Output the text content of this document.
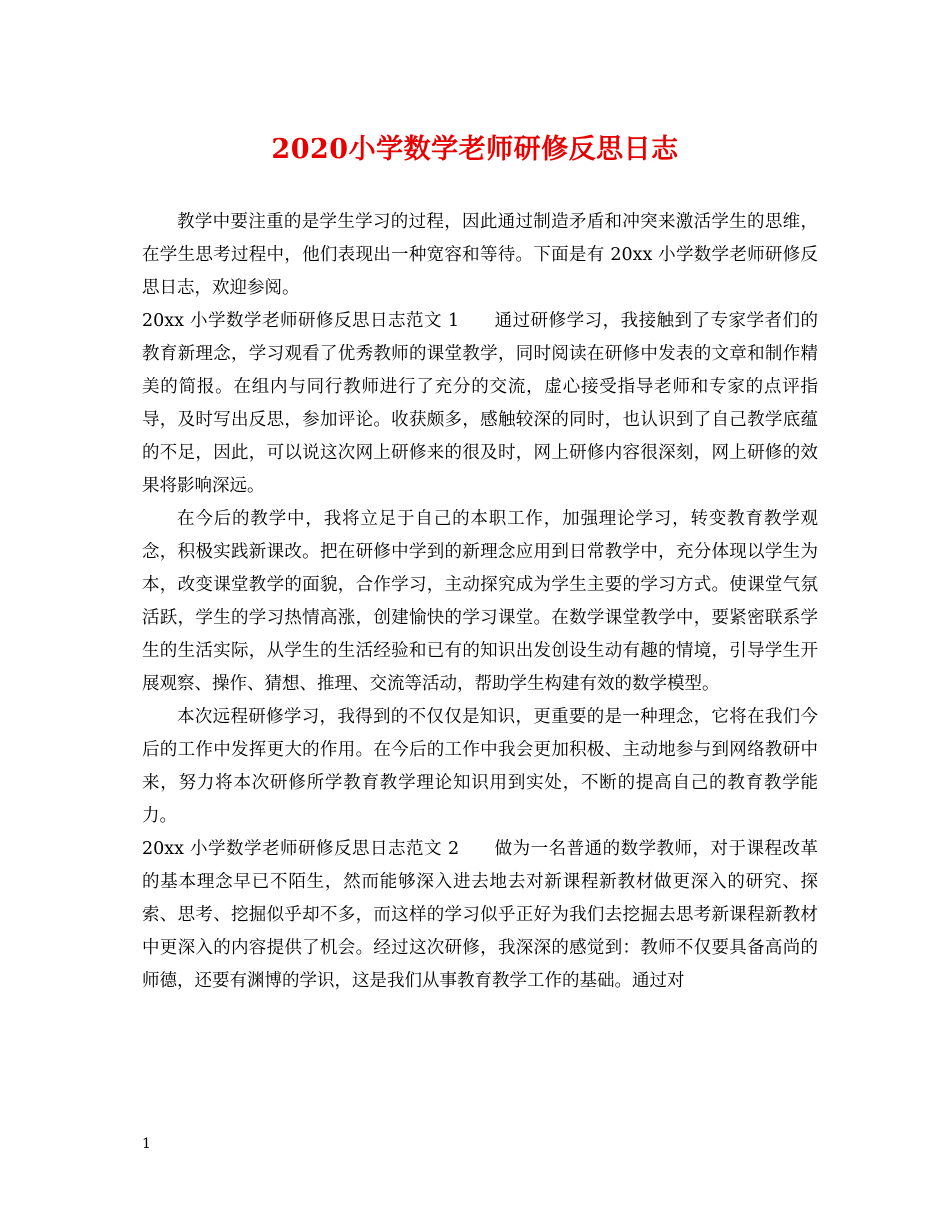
2020小学数学老师研修反思日志

教学中要注重的是学生学习的过程，因此通过制造矛盾和冲突来激活学生的思维，在学生思考过程中，他们表现出一种宽容和等待。下面是有 20xx 小学数学老师研修反思日志，欢迎参阅。

20xx 小学数学老师研修反思日志范文 1 通过研修学习，我接触到了专家学者们的教育新理念，学习观看了优秀教师的课堂教学，同时阅读在研修中发表的文章和制作精美的简报。在组内与同行教师进行了充分的交流，虚心接受指导老师和专家的点评指导，及时写出反思，参加评论。收获颇多，感触较深的同时，也认识到了自己教学底蕴的不足，因此，可以说这次网上研修来的很及时，网上研修内容很深刻，网上研修的效果将影响深远。

在今后的教学中，我将立足于自己的本职工作，加强理论学习，转变教育教学观念，积极实践新课改。把在研修中学到的新理念应用到日常教学中，充分体现以学生为本，改变课堂教学的面貌，合作学习，主动探究成为学生主要的学习方式。使课堂气氛活跃，学生的学习热情高涨，创建愉快的学习课堂。在数学课堂教学中，要紧密联系学生的生活实际，从学生的生活经验和已有的知识出发创设生动有趣的情境，引导学生开展观察、操作、猜想、推理、交流等活动，帮助学生构建有效的数学模型。

本次远程研修学习，我得到的不仅仅是知识，更重要的是一种理念，它将在我们今后的工作中发挥更大的作用。在今后的工作中我会更加积极、主动地参与到网络教研中来，努力将本次研修所学教育教学理论知识用到实处，不断的提高自己的教育教学能力。

20xx 小学数学老师研修反思日志范文 2 做为一名普通的数学教师，对于课程改革的基本理念早已不陌生，然而能够深入进去地去对新课程新教材做更深入的研究、探索、思考、挖掘似乎却不多，而这样的学习似乎正好为我们去挖掘去思考新课程新教材中更深入的内容提供了机会。经过这次研修，我深深的感觉到：教师不仅要具备高尚的师德，还要有渊博的学识，这是我们从事教育教学工作的基础。通过对

1
